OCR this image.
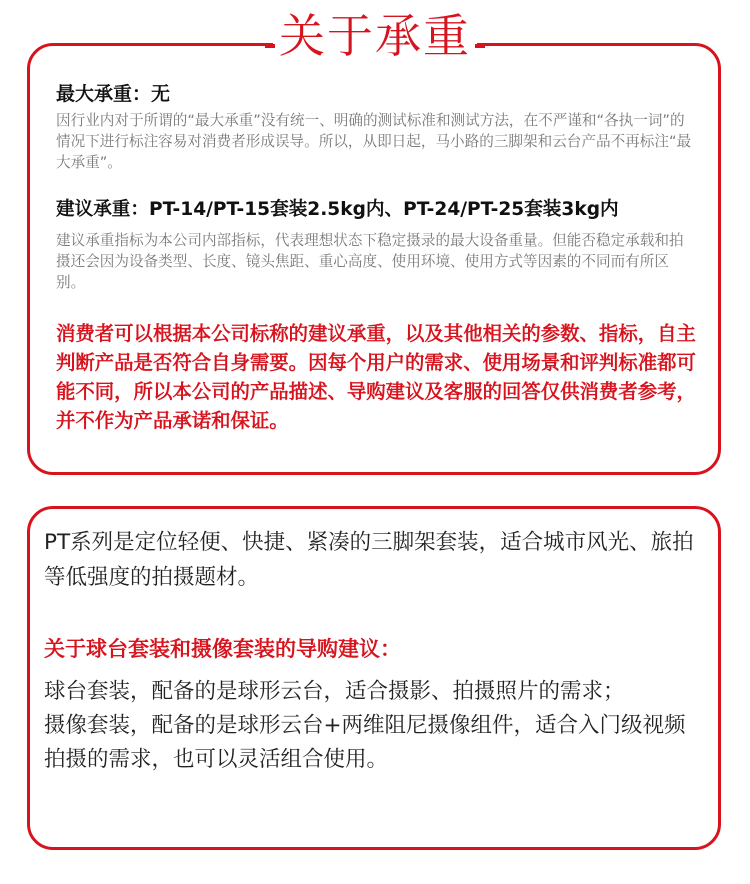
最大承重：无
因行业内对于所谓的“最大承重”没有统一、明确的测试标准和测试方法，在不严谨和“各执一词”的情况下进行标注容易对消费者形成误导。所以，从即日起，马小路的三脚架和云台产品不再标注“最大承重”。
建议承重：PT-14/PT-15套装2.5kg内、PT-24/PT-25套装3kg内
建议承重指标为本公司内部指标，代表理想状态下稳定摄录的最大设备重量。但能否稳定承载和拍摄还会因为设备类型、长度、镜头焦距、重心高度、使用环境、使用方式等因素的不同而有所区别。
消费者可以根据本公司标称的建议承重，以及其他相关的参数、指标，自主判断产品是否符合自身需要。因每个用户的需求、使用场景和评判标准都可能不同，所以本公司的产品描述、导购建议及客服的回答仅供消费者参考，并不作为产品承诺和保证。
关于承重
PT系列是定位轻便、快捷、紧凑的三脚架套装，适合城市风光、旅拍等低强度的拍摄题材。
关于球台套装和摄像套装的导购建议：

球台套装，配备的是球形云台，适合摄影、拍摄照片的需求；

摄像套装，配备的是球形云台+两维阻尼摄像组件，适合入门级视频拍摄的需求，也可以灵活组合使用。
